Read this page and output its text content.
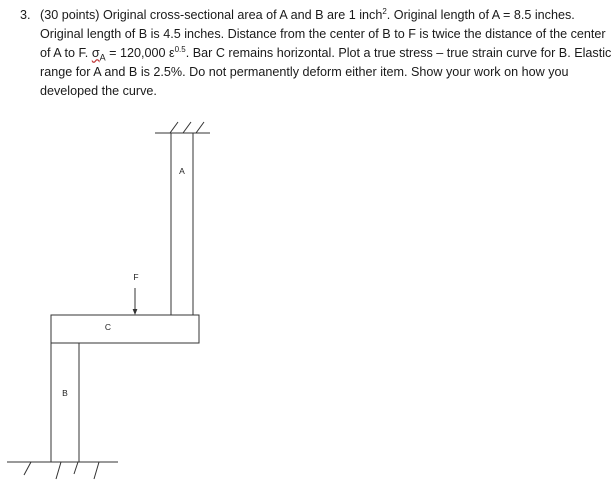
3. (30 points) Original cross-sectional area of A and B are 1 inch$^2$. Original length of A = 8.5 inches. Original length of B is 4.5 inches. Distance from the center of B to F is twice the distance of the center of A to F. $\sigma_A = 120,000$ $\varepsilon^{0.5}$. Bar C remains horizontal. Plot a true stress – true strain curve for B. Elastic range for A and B is 2.5%. Do not permanently deform either item. Show your work on how you developed the curve.
A
F
C
B
